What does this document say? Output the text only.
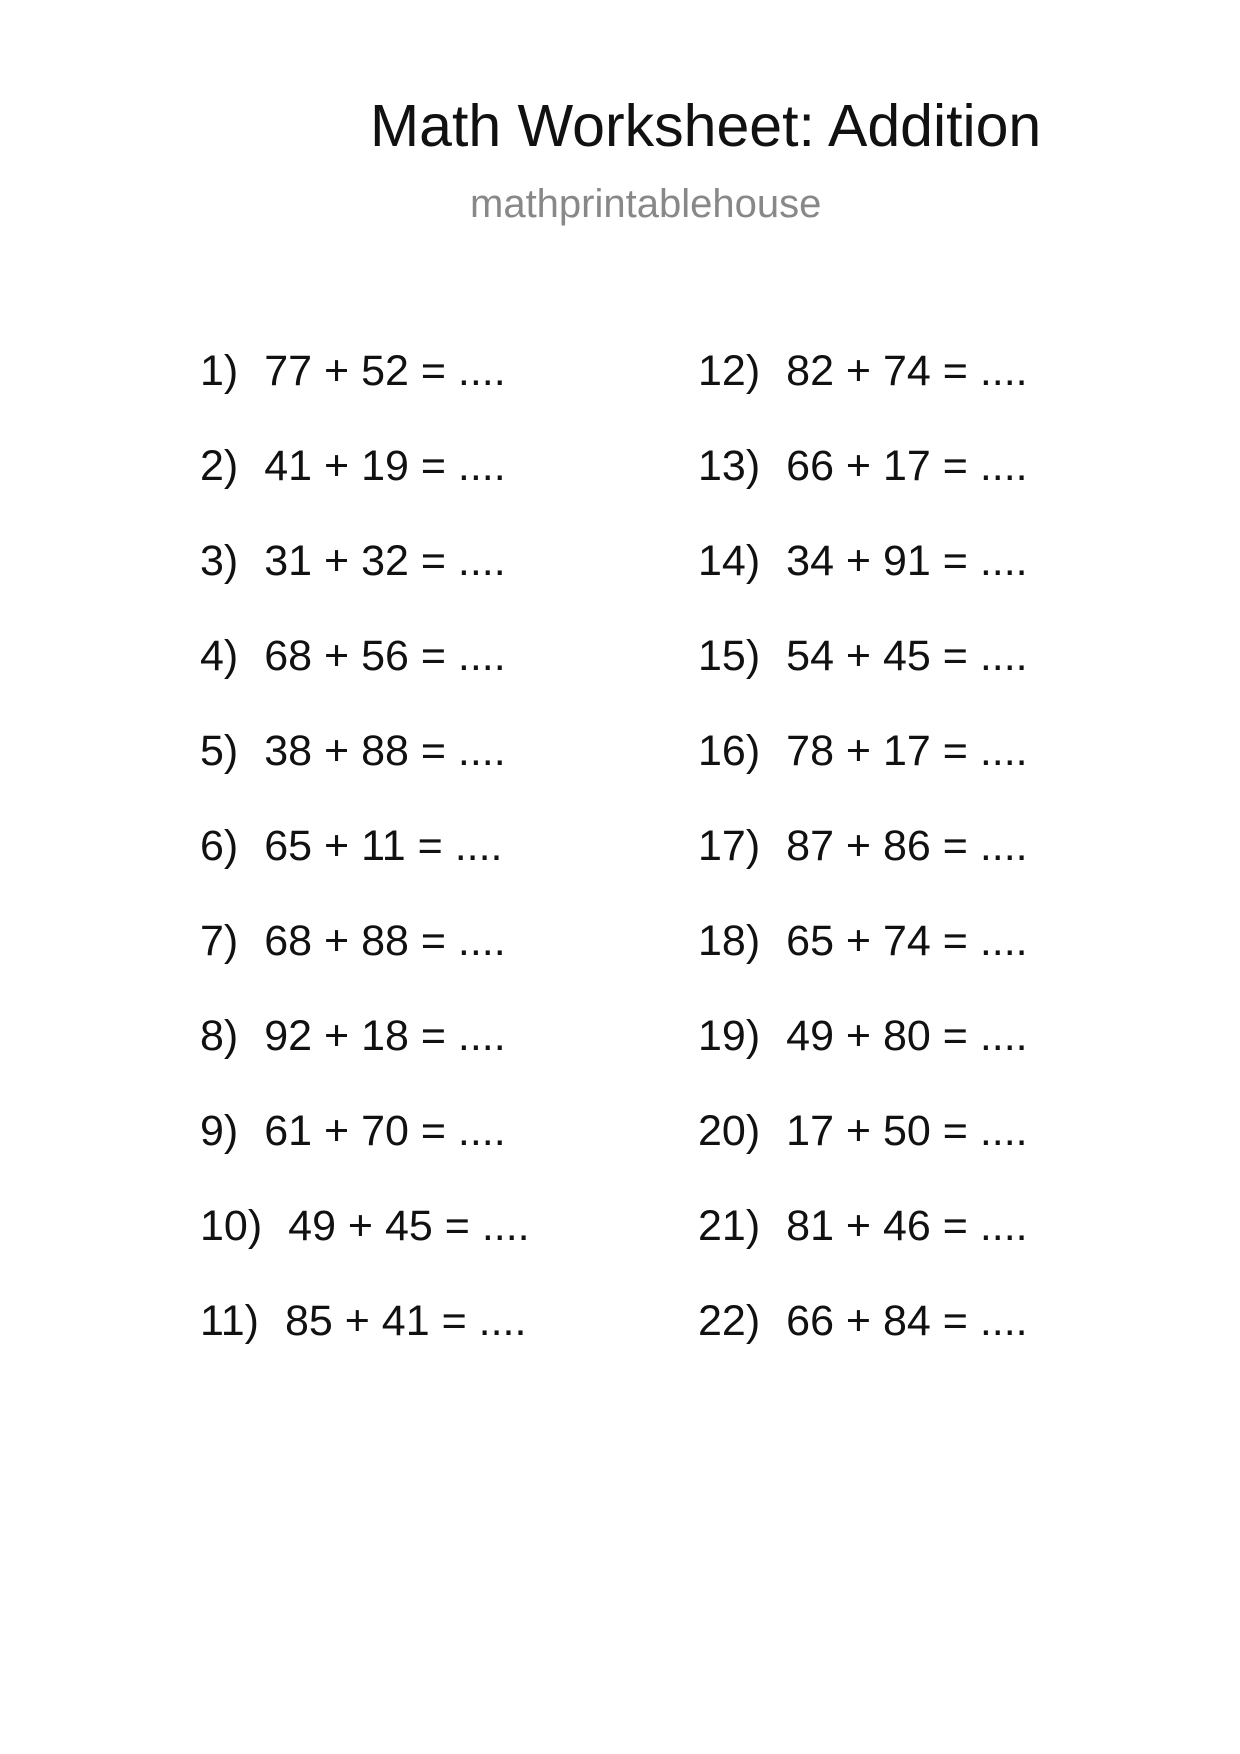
Math Worksheet: Addition
mathprintablehouse
1) 77 + 52 = ....
2) 41 + 19 = ....
3) 31 + 32 = ....
4) 68 + 56 = ....
5) 38 + 88 = ....
6) 65 + 11 = ....
7) 68 + 88 = ....
8) 92 + 18 = ....
9) 61 + 70 = ....
10) 49 + 45 = ....
11) 85 + 41 = ....
12) 82 + 74 = ....
13) 66 + 17 = ....
14) 34 + 91 = ....
15) 54 + 45 = ....
16) 78 + 17 = ....
17) 87 + 86 = ....
18) 65 + 74 = ....
19) 49 + 80 = ....
20) 17 + 50 = ....
21) 81 + 46 = ....
22) 66 + 84 = ....
